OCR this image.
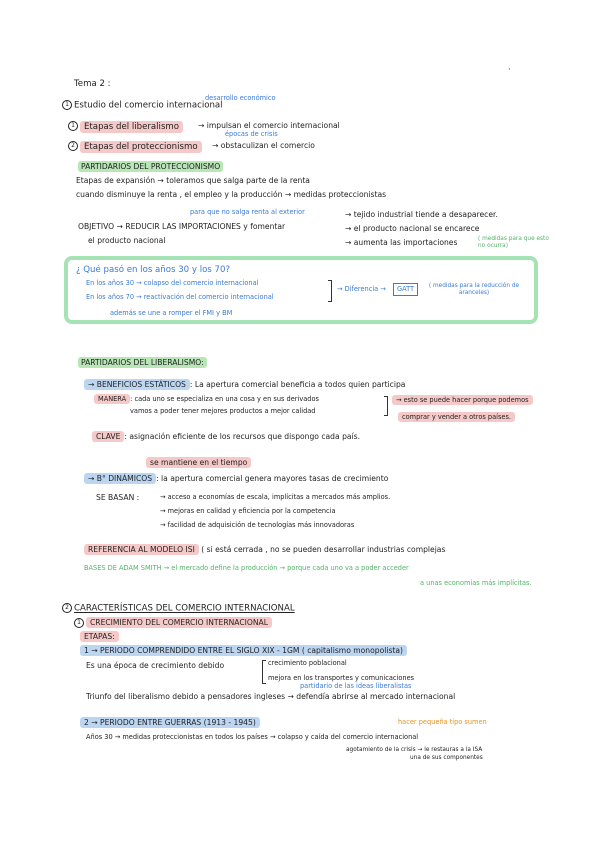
Tema 2 :
·
1 Estudio del comercio internacional
desarrollo económico
1 Etapas del liberalismo	→ impulsan el comercio internacional
épocas de crisis
2 Etapas del proteccionismo	→ obstaculizan el comercio
PARTIDARIOS DEL PROTECCIONISMO
Etapas de expansión → toleramos que salga parte de la renta
cuando disminuye la renta , el empleo y la producción → medidas proteccionistas
para que no salga renta al exterior	→ tejido industrial tiende a desaparecer.
OBJETIVO → REDUCIR LAS IMPORTACIONES y fomentar
el producto nacional
→ el producto nacional se encarece
→ aumenta las importaciones	( medidas para que esto no ocurra)
¿ Qué pasó en los años 30 y los 70?
En los años 30 → colapso del comercio internacional
En los años 70 → reactivación del comercio internacional
además se une a romper el FMI y BM
→ Diferencia →	GATT	( medidas para la reducción de aranceles)
PARTIDARIOS DEL LIBERALISMO:
→ BENEFICIOS ESTÁTICOS : La apertura comercial beneficia a todos quien participa
MANERA : cada uno se especializa en una cosa y en sus derivados
vamos a poder tener mejores productos a mejor calidad
→ esto se puede hacer porque podemos
comprar y vender a otros países.
CLAVE : asignación eficiente de los recursos que dispongo cada país.
se mantiene en el tiempo
→ B° DINÁMICOS : la apertura comercial genera mayores tasas de crecimiento
SE BASAN :	→ acceso a economías de escala, implícitas a mercados más amplios.
→ mejoras en calidad y eficiencia por la competencia
→ facilidad de adquisición de tecnologías más innovadoras
REFERENCIA AL MODELO ISI ( si está cerrada , no se pueden desarrollar industrias complejas
BASES DE ADAM SMITH → el mercado define la producción → porque cada uno va a poder acceder
a unas economías más implícitas.
2 CARACTERÍSTICAS DEL COMERCIO INTERNACIONAL
1 CRECIMIENTO DEL COMERCIO INTERNACIONAL
ETAPAS:
1 → PERIODO COMPRENDIDO ENTRE EL SIGLO XIX - 1GM ( capitalismo monopolista)
Es una época de crecimiento debido	crecimiento poblacional
mejora en los transportes y comunicaciones
partidario de las ideas liberalistas
Triunfo del liberalismo debido a pensadores ingleses → defendía abrirse al mercado internacional
2 → PERIODO ENTRE GUERRAS (1913 - 1945)	hacer pequeña tipo sumen
Años 30 → medidas proteccionistas en todos los países → colapso y caída del comercio internacional
agotamiento de la crisis → le restauras a la ISA
una de sus componentes
